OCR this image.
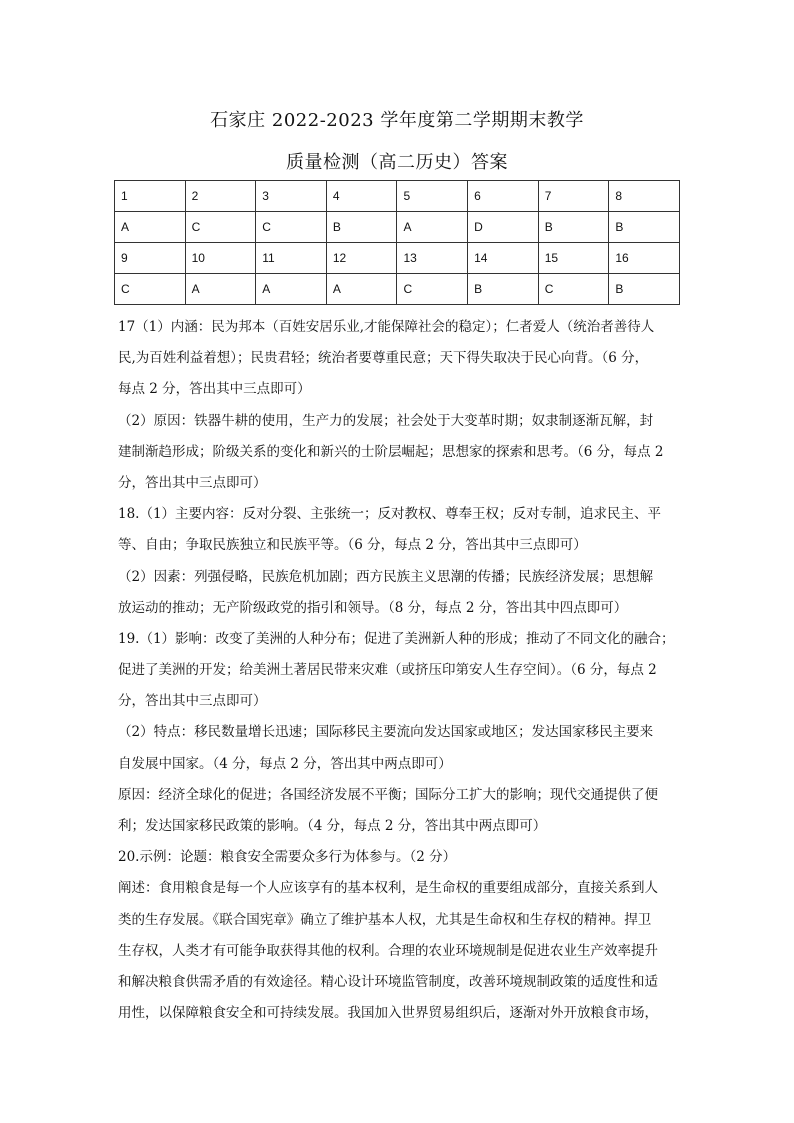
石家庄 2022-2023 学年度第二学期期末教学
质量检测（高二历史）答案
1	2	3	4	5	6	7	8
A	C	C	B	A	D	B	B
9	10	11	12	13	14	15	16
C	A	A	A	C	B	C	B
17（1）内涵：民为邦本（百姓安居乐业,才能保障社会的稳定）；仁者爱人（统治者善待人
民,为百姓利益着想）；民贵君轻；统治者要尊重民意；天下得失取决于民心向背。（6 分，
每点 2 分，答出其中三点即可）
（2）原因：铁器牛耕的使用，生产力的发展；社会处于大变革时期；奴隶制逐渐瓦解，封
建制渐趋形成；阶级关系的变化和新兴的士阶层崛起；思想家的探索和思考。（6 分，每点 2
分，答出其中三点即可）
18.（1）主要内容：反对分裂、主张统一；反对教权、尊奉王权；反对专制，追求民主、平
等、自由；争取民族独立和民族平等。（6 分，每点 2 分，答出其中三点即可）
（2）因素：列强侵略，民族危机加剧；西方民族主义思潮的传播；民族经济发展；思想解
放运动的推动；无产阶级政党的指引和领导。（8 分，每点 2 分，答出其中四点即可）
19.（1）影响：改变了美洲的人种分布；促进了美洲新人种的形成；推动了不同文化的融合；
促进了美洲的开发；给美洲土著居民带来灾难（或挤压印第安人生存空间）。（6 分，每点 2
分，答出其中三点即可）
（2）特点：移民数量增长迅速；国际移民主要流向发达国家或地区；发达国家移民主要来
自发展中国家。（4 分，每点 2 分，答出其中两点即可）
原因：经济全球化的促进；各国经济发展不平衡；国际分工扩大的影响；现代交通提供了便
利；发达国家移民政策的影响。（4 分，每点 2 分，答出其中两点即可）
20.示例：论题：粮食安全需要众多行为体参与。（2 分）
阐述：食用粮食是每一个人应该享有的基本权利，是生命权的重要组成部分，直接关系到人
类的生存发展。《联合国宪章》确立了维护基本人权，尤其是生命权和生存权的精神。捍卫
生存权，人类才有可能争取获得其他的权利。合理的农业环境规制是促进农业生产效率提升
和解决粮食供需矛盾的有效途径。精心设计环境监管制度，改善环境规制政策的适度性和适
用性，以保障粮食安全和可持续发展。我国加入世界贸易组织后，逐渐对外开放粮食市场，
